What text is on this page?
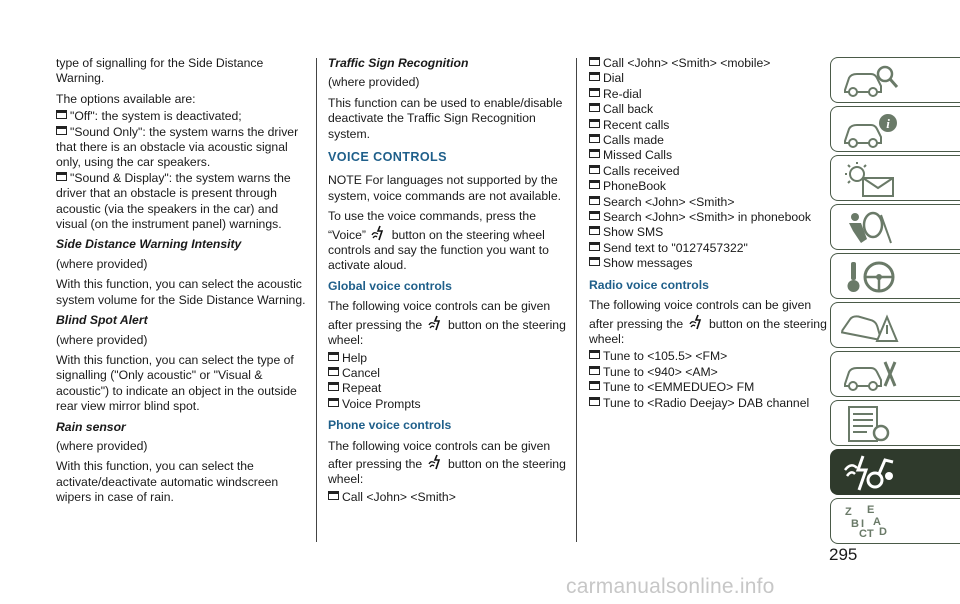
type of signalling for the Side Distance Warning.

The options available are:

"Off": the system is deactivated;
"Sound Only": the system warns the driver that there is an obstacle via acoustic signal only, using the car speakers.
"Sound & Display": the system warns the driver that an obstacle is present through acoustic (via the speakers in the car) and visual (on the instrument panel) warnings.
Side Distance Warning Intensity

(where provided)

With this function, you can select the acoustic system volume for the Side Distance Warning.

Blind Spot Alert

(where provided)

With this function, you can select the type of signalling ("Only acoustic" or "Visual & acoustic") to indicate an object in the outside rear view mirror blind spot.

Rain sensor

(where provided)

With this function, you can select the activate/deactivate automatic windscreen wipers in case of rain.

Traffic Sign Recognition

(where provided)

This function can be used to enable/disable deactivate the Traffic Sign Recognition system.

VOICE CONTROLS

NOTE For languages not supported by the system, voice commands are not available.

To use the voice commands, press the “Voice” button on the steering wheel controls and say the function you want to activate aloud.

Global voice controls

The following voice controls can be given after pressing the button on the steering wheel:

Help
Cancel
Repeat
Voice Prompts
Phone voice controls

The following voice controls can be given after pressing the button on the steering wheel:

Call <John> <Smith>
Call <John> <Smith> <mobile>
Dial
Re-dial
Call back
Recent calls
Calls made
Missed Calls
Calls received
PhoneBook
Search <John> <Smith>
Search <John> <Smith> in phonebook
Show SMS
Send text to "0127457322"
Show messages
Radio voice controls

The following voice controls can be given after pressing the button on the steering wheel:

Tune to <105.5> <FM>
Tune to <940> <AM>
Tune to <EMMEDUEO> FM
Tune to <Radio Deejay> DAB channel
i
Z E
B A
C T
I
D
295
carmanualsonline.info
